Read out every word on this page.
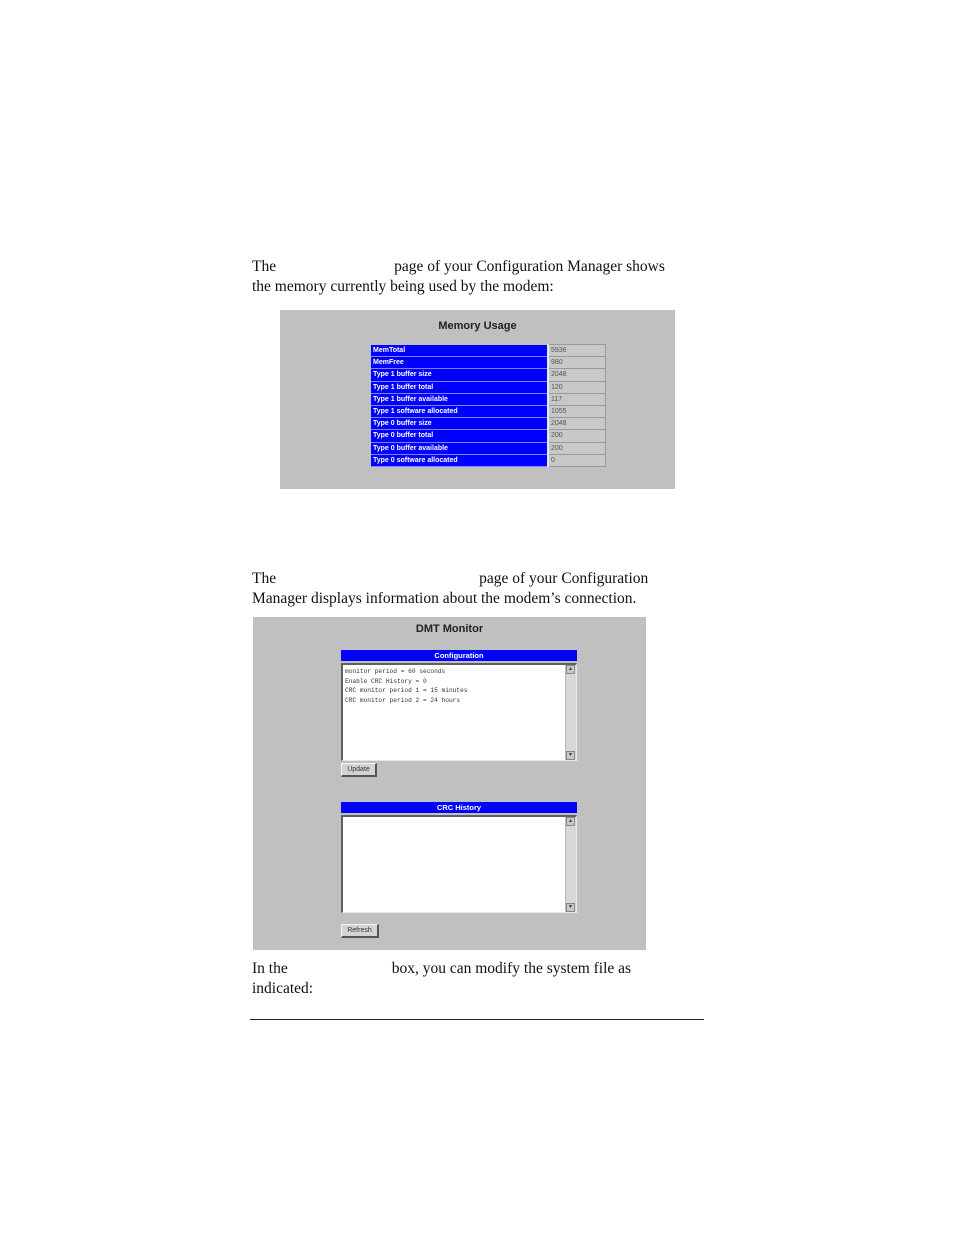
The	page of your Configuration Manager shows
the memory currently being used by the modem:

Memory Usage
MemTotal	5936
MemFree	980
Type 1 buffer size	2048
Type 1 buffer total	120
Type 1 buffer available	117
Type 1 software allocated	1055
Type 0 buffer size	2048
Type 0 buffer total	200
Type 0 buffer available	200
Type 0 software allocated	0

The	page of your Configuration
Manager displays information about the modem’s connection.

DMT Monitor
Configuration
monitor period = 60 seconds
Enable CRC History = 0
CRC monitor period 1 = 15 minutes
CRC monitor period 2 = 24 hours
▴
▾
Update
CRC History
▴
▾
Refresh

In the	box, you can modify the system file as
indicated:
